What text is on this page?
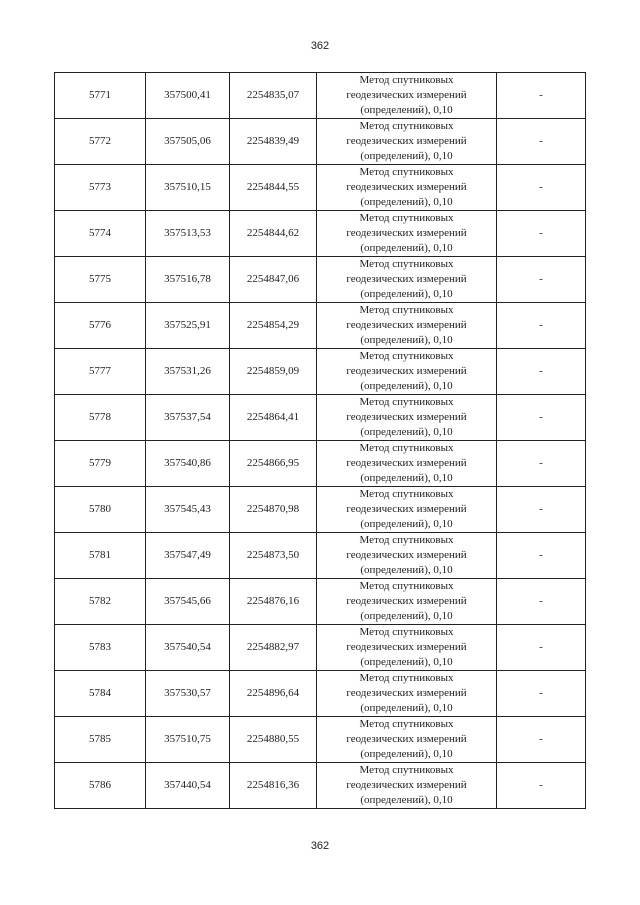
362
5771	357500,41	2254835,07	Метод спутниковых
геодезических измерений
(определений), 0,10	-
5772	357505,06	2254839,49	Метод спутниковых
геодезических измерений
(определений), 0,10	-
5773	357510,15	2254844,55	Метод спутниковых
геодезических измерений
(определений), 0,10	-
5774	357513,53	2254844,62	Метод спутниковых
геодезических измерений
(определений), 0,10	-
5775	357516,78	2254847,06	Метод спутниковых
геодезических измерений
(определений), 0,10	-
5776	357525,91	2254854,29	Метод спутниковых
геодезических измерений
(определений), 0,10	-
5777	357531,26	2254859,09	Метод спутниковых
геодезических измерений
(определений), 0,10	-
5778	357537,54	2254864,41	Метод спутниковых
геодезических измерений
(определений), 0,10	-
5779	357540,86	2254866,95	Метод спутниковых
геодезических измерений
(определений), 0,10	-
5780	357545,43	2254870,98	Метод спутниковых
геодезических измерений
(определений), 0,10	-
5781	357547,49	2254873,50	Метод спутниковых
геодезических измерений
(определений), 0,10	-
5782	357545,66	2254876,16	Метод спутниковых
геодезических измерений
(определений), 0,10	-
5783	357540,54	2254882,97	Метод спутниковых
геодезических измерений
(определений), 0,10	-
5784	357530,57	2254896,64	Метод спутниковых
геодезических измерений
(определений), 0,10	-
5785	357510,75	2254880,55	Метод спутниковых
геодезических измерений
(определений), 0,10	-
5786	357440,54	2254816,36	Метод спутниковых
геодезических измерений
(определений), 0,10	-
362
